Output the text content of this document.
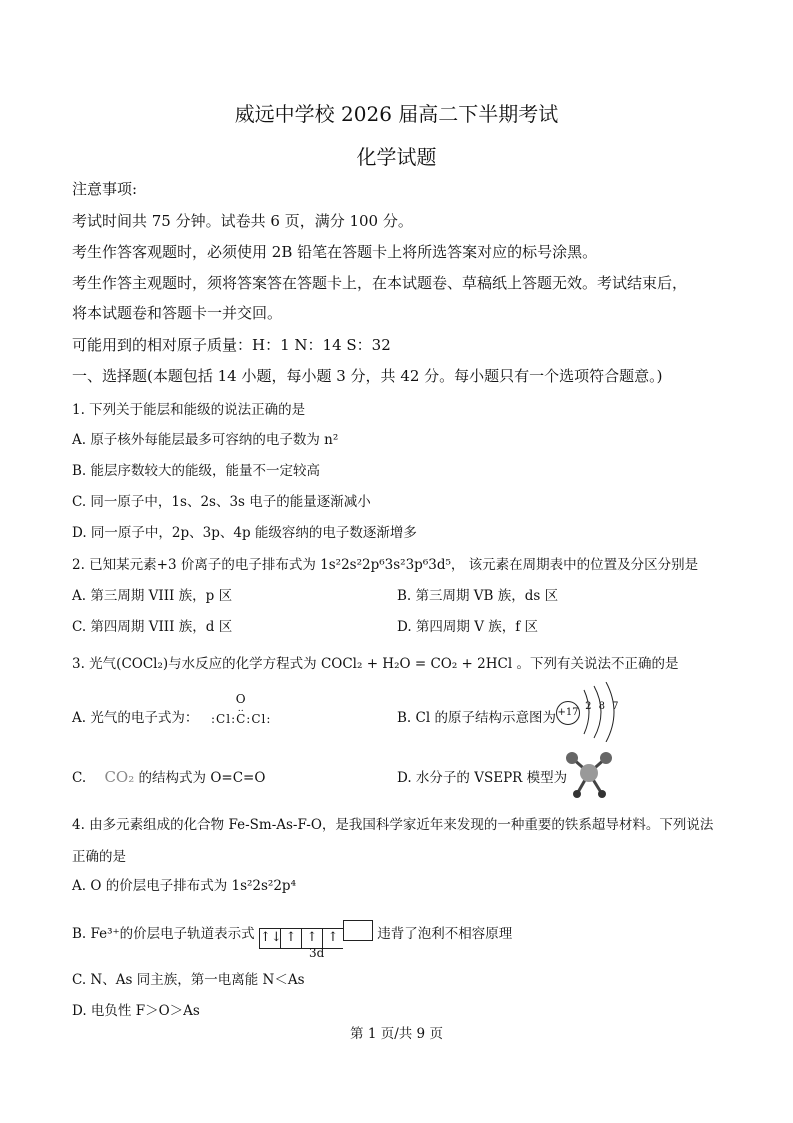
威远中学校 2026 届高二下半期考试
化学试题
注意事项:
考试时间共 75 分钟。试卷共 6 页，满分 100 分。
考生作答客观题时，必须使用 2B 铅笔在答题卡上将所选答案对应的标号涂黑。
考生作答主观题时，须将答案答在答题卡上，在本试题卷、草稿纸上答题无效。考试结束后，
将本试题卷和答题卡一并交回。
可能用到的相对原子质量：H：1 N：14 S：32
一、选择题(本题包括 14 小题，每小题 3 分，共 42 分。每小题只有一个选项符合题意。)
1. 下列关于能层和能级的说法正确的是
A. 原子核外每能层最多可容纳的电子数为 n²
B. 能层序数较大的能级，能量不一定较高
C. 同一原子中，1s、2s、3s 电子的能量逐渐减小
D. 同一原子中，2p、3p、4p 能级容纳的电子数逐渐增多
2. 已知某元素+3 价离子的电子排布式为 1s²2s²2p⁶3s²3p⁶3d⁵， 该元素在周期表中的位置及分区分别是
A. 第三周期 VIII 族，p 区	B. 第三周期 VB 族，ds 区
C. 第四周期 VIII 族，d 区	D. 第四周期 V 族，f 区
3. 光气(COCl₂)与水反应的化学方程式为 COCl₂ + H₂O = CO₂ + 2HCl 。下列有关说法不正确的是
A. 光气的电子式为：
O
‥
:Cl:C:Cl:	B. Cl 的原子结构示意图为 +17 $^{2 8 7}$
C. CO₂ 的结构式为 O=C=O	D. 水分子的 VSEPR 模型为
4. 由多元素组成的化合物 Fe-Sm-As-F-O，是我国科学家近年来发现的一种重要的铁系超导材料。下列说法
正确的是
A. O 的价层电子排布式为 1s²2s²2p⁴
B. Fe³⁺的价层电子轨道表示式 ↑↓ ↑ ↑ ↑
3d
违背了泡利不相容原理
C. N、As 同主族，第一电离能 N＜As
D. 电负性 F＞O＞As
第 1 页/共 9 页
